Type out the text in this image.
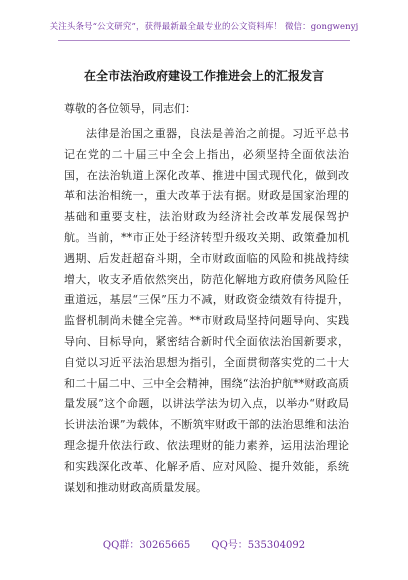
关注头条号“公文研究”，获得最新最全最专业的公文资料库！ 微信：gongwenyj
在全市法治政府建设工作推进会上的汇报发言
尊敬的各位领导，同志们：

法律是治国之重器，良法是善治之前提。习近平总书记在党的二十届三中全会上指出，必须坚持全面依法治国，在法治轨道上深化改革、推进中国式现代化，做到改革和法治相统一，重大改革于法有据。财政是国家治理的基础和重要支柱，法治财政为经济社会改革发展保驾护航。当前，**市正处于经济转型升级攻关期、政策叠加机遇期、后发赶超奋斗期，全市财政面临的风险和挑战持续增大，收支矛盾依然突出，防范化解地方政府债务风险任重道远，基层“三保”压力不减，财政资金绩效有待提升，监督机制尚未健全完善。**市财政局坚持问题导向、实践导向、目标导向，紧密结合新时代全面依法治国新要求，自觉以习近平法治思想为指引，全面贯彻落实党的二十大和二十届二中、三中全会精神，围绕“法治护航**财政高质量发展”这个命题，以讲法学法为切入点，以举办“财政局长讲法治课”为载体，不断筑牢财政干部的法治思维和法治理念提升依法行政、依法理财的能力素养，运用法治理论和实践深化改革、化解矛盾、应对风险、提升效能，系统谋划和推动财政高质量发展。

QQ群：30265665 QQ号：535304092
